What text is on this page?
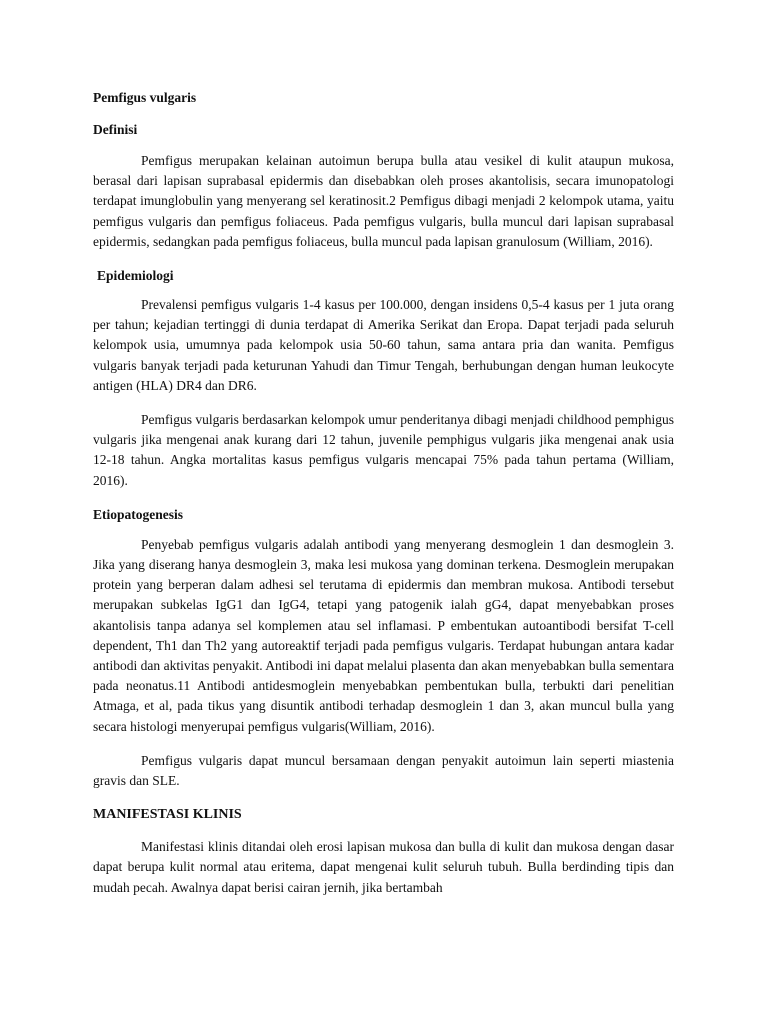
Pemfigus vulgaris
Definisi

Pemfigus merupakan kelainan autoimun berupa bulla atau vesikel di kulit ataupun mukosa, berasal dari lapisan suprabasal epidermis dan disebabkan oleh proses akantolisis, secara imunopatologi terdapat imunglobulin yang menyerang sel keratinosit.2 Pemfigus dibagi menjadi 2 kelompok utama, yaitu pemfigus vulgaris dan pemfigus foliaceus. Pada pemfigus vulgaris, bulla muncul dari lapisan suprabasal epidermis, sedangkan pada pemfigus foliaceus, bulla muncul pada lapisan granulosum (William, 2016).

Epidemiologi

Prevalensi pemfigus vulgaris 1-4 kasus per 100.000, dengan insidens 0,5-4 kasus per 1 juta orang per tahun; kejadian tertinggi di dunia terdapat di Amerika Serikat dan Eropa. Dapat terjadi pada seluruh kelompok usia, umumnya pada kelompok usia 50-60 tahun, sama antara pria dan wanita. Pemfigus vulgaris banyak terjadi pada keturunan Yahudi dan Timur Tengah, berhubungan dengan human leukocyte antigen (HLA) DR4 dan DR6.

Pemfigus vulgaris berdasarkan kelompok umur penderitanya dibagi menjadi childhood pemphigus vulgaris jika mengenai anak kurang dari 12 tahun, juvenile pemphigus vulgaris jika mengenai anak usia 12-18 tahun. Angka mortalitas kasus pemfigus vulgaris mencapai 75% pada tahun pertama (William, 2016).

Etiopatogenesis

Penyebab pemfigus vulgaris adalah antibodi yang menyerang desmoglein 1 dan desmoglein 3. Jika yang diserang hanya desmoglein 3, maka lesi mukosa yang dominan terkena. Desmoglein merupakan protein yang berperan dalam adhesi sel terutama di epidermis dan membran mukosa. Antibodi tersebut merupakan subkelas IgG1 dan IgG4, tetapi yang patogenik ialah gG4, dapat menyebabkan proses akantolisis tanpa adanya sel komplemen atau sel inflamasi. P embentukan autoantibodi bersifat T-cell dependent, Th1 dan Th2 yang autoreaktif terjadi pada pemfigus vulgaris. Terdapat hubungan antara kadar antibodi dan aktivitas penyakit. Antibodi ini dapat melalui plasenta dan akan menyebabkan bulla sementara pada neonatus.11 Antibodi antidesmoglein menyebabkan pembentukan bulla, terbukti dari penelitian Atmaga, et al, pada tikus yang disuntik antibodi terhadap desmoglein 1 dan 3, akan muncul bulla yang secara histologi menyerupai pemfigus vulgaris(William, 2016).

Pemfigus vulgaris dapat muncul bersamaan dengan penyakit autoimun lain seperti miastenia gravis dan SLE.

MANIFESTASI KLINIS

Manifestasi klinis ditandai oleh erosi lapisan mukosa dan bulla di kulit dan mukosa dengan dasar dapat berupa kulit normal atau eritema, dapat mengenai kulit seluruh tubuh. Bulla berdinding tipis dan mudah pecah. Awalnya dapat berisi cairan jernih, jika bertambah
